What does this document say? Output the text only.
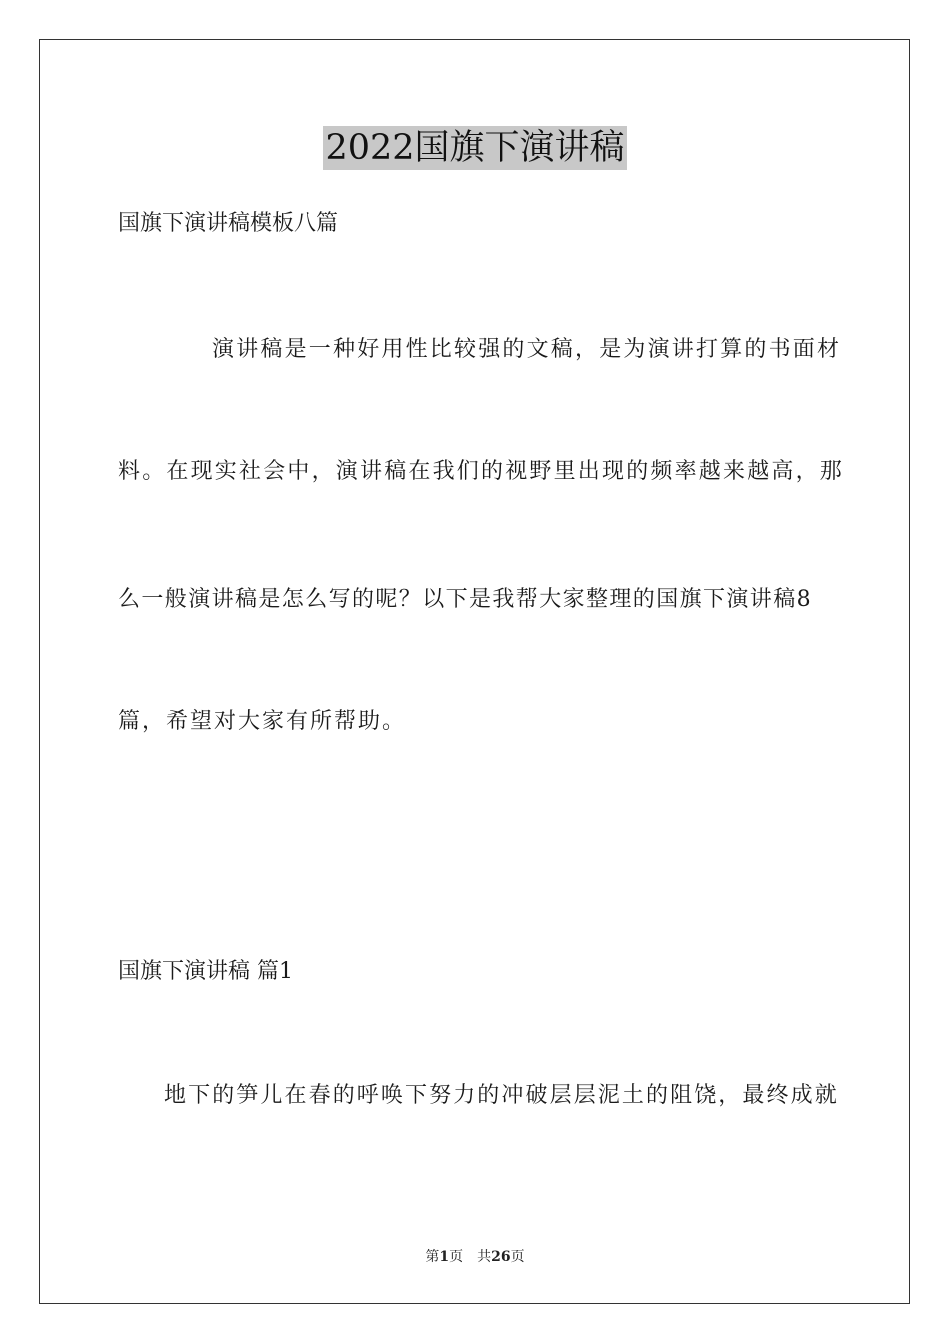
2022国旗下演讲稿
国旗下演讲稿模板八篇
演讲稿是一种好用性比较强的文稿，是为演讲打算的书面材
料。在现实社会中，演讲稿在我们的视野里出现的频率越来越高，那
么一般演讲稿是怎么写的呢？以下是我帮大家整理的国旗下演讲稿8
篇，希望对大家有所帮助。
国旗下演讲稿 篇1
地下的笋儿在春的呼唤下努力的冲破层层泥土的阻饶，最终成就
第1页 共26页
